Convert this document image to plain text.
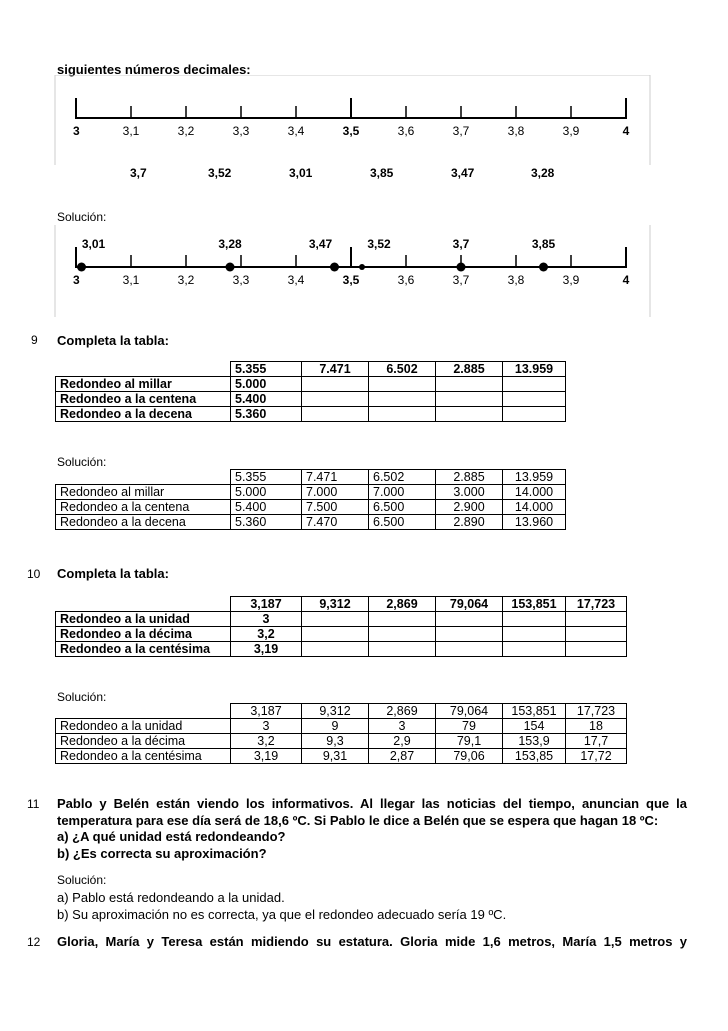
siguientes números decimales:
3	3,1	3,2	3,3	3,4	3,5	3,6	3,7	3,8	3,9	4
3,7	3,52	3,01	3,85	3,47	3,28
Solución:
3	3,1	3,2	3,3	3,4	3,5	3,6	3,7	3,8	3,9	4
3,01	3,28	3,47	3,52	3,7	3,85
9 Completa la tabla:
	5.355	7.471	6.502	2.885	13.959
Redondeo al millar	5.000				
Redondeo a la centena	5.400				
Redondeo a la decena	5.360				
Solución:
	5.355	7.471	6.502	2.885	13.959
Redondeo al millar	5.000	7.000	7.000	3.000	14.000
Redondeo a la centena	5.400	7.500	6.500	2.900	14.000
Redondeo a la decena	5.360	7.470	6.500	2.890	13.960
10 Completa la tabla:
	3,187	9,312	2,869	79,064	153,851	17,723
Redondeo a la unidad	3					
Redondeo a la décima	3,2					
Redondeo a la centésima	3,19					
Solución:
	3,187	9,312	2,869	79,064	153,851	17,723
Redondeo a la unidad	3	9	3	79	154	18
Redondeo a la décima	3,2	9,3	2,9	79,1	153,9	17,7
Redondeo a la centésima	3,19	9,31	2,87	79,06	153,85	17,72
11 Pablo y Belén están viendo los informativos. Al llegar las noticias del tiempo, anuncian que la temperatura para ese día será de 18,6 ºC. Si Pablo le dice a Belén que se espera que hagan 18 ºC:
a) ¿A qué unidad está redondeando?
b) ¿Es correcta su aproximación?
Solución:
a) Pablo está redondeando a la unidad.
b) Su aproximación no es correcta, ya que el redondeo adecuado sería 19 ºC.
12 Gloria, María y Teresa están midiendo su estatura. Gloria mide 1,6 metros, María 1,5 metros y
